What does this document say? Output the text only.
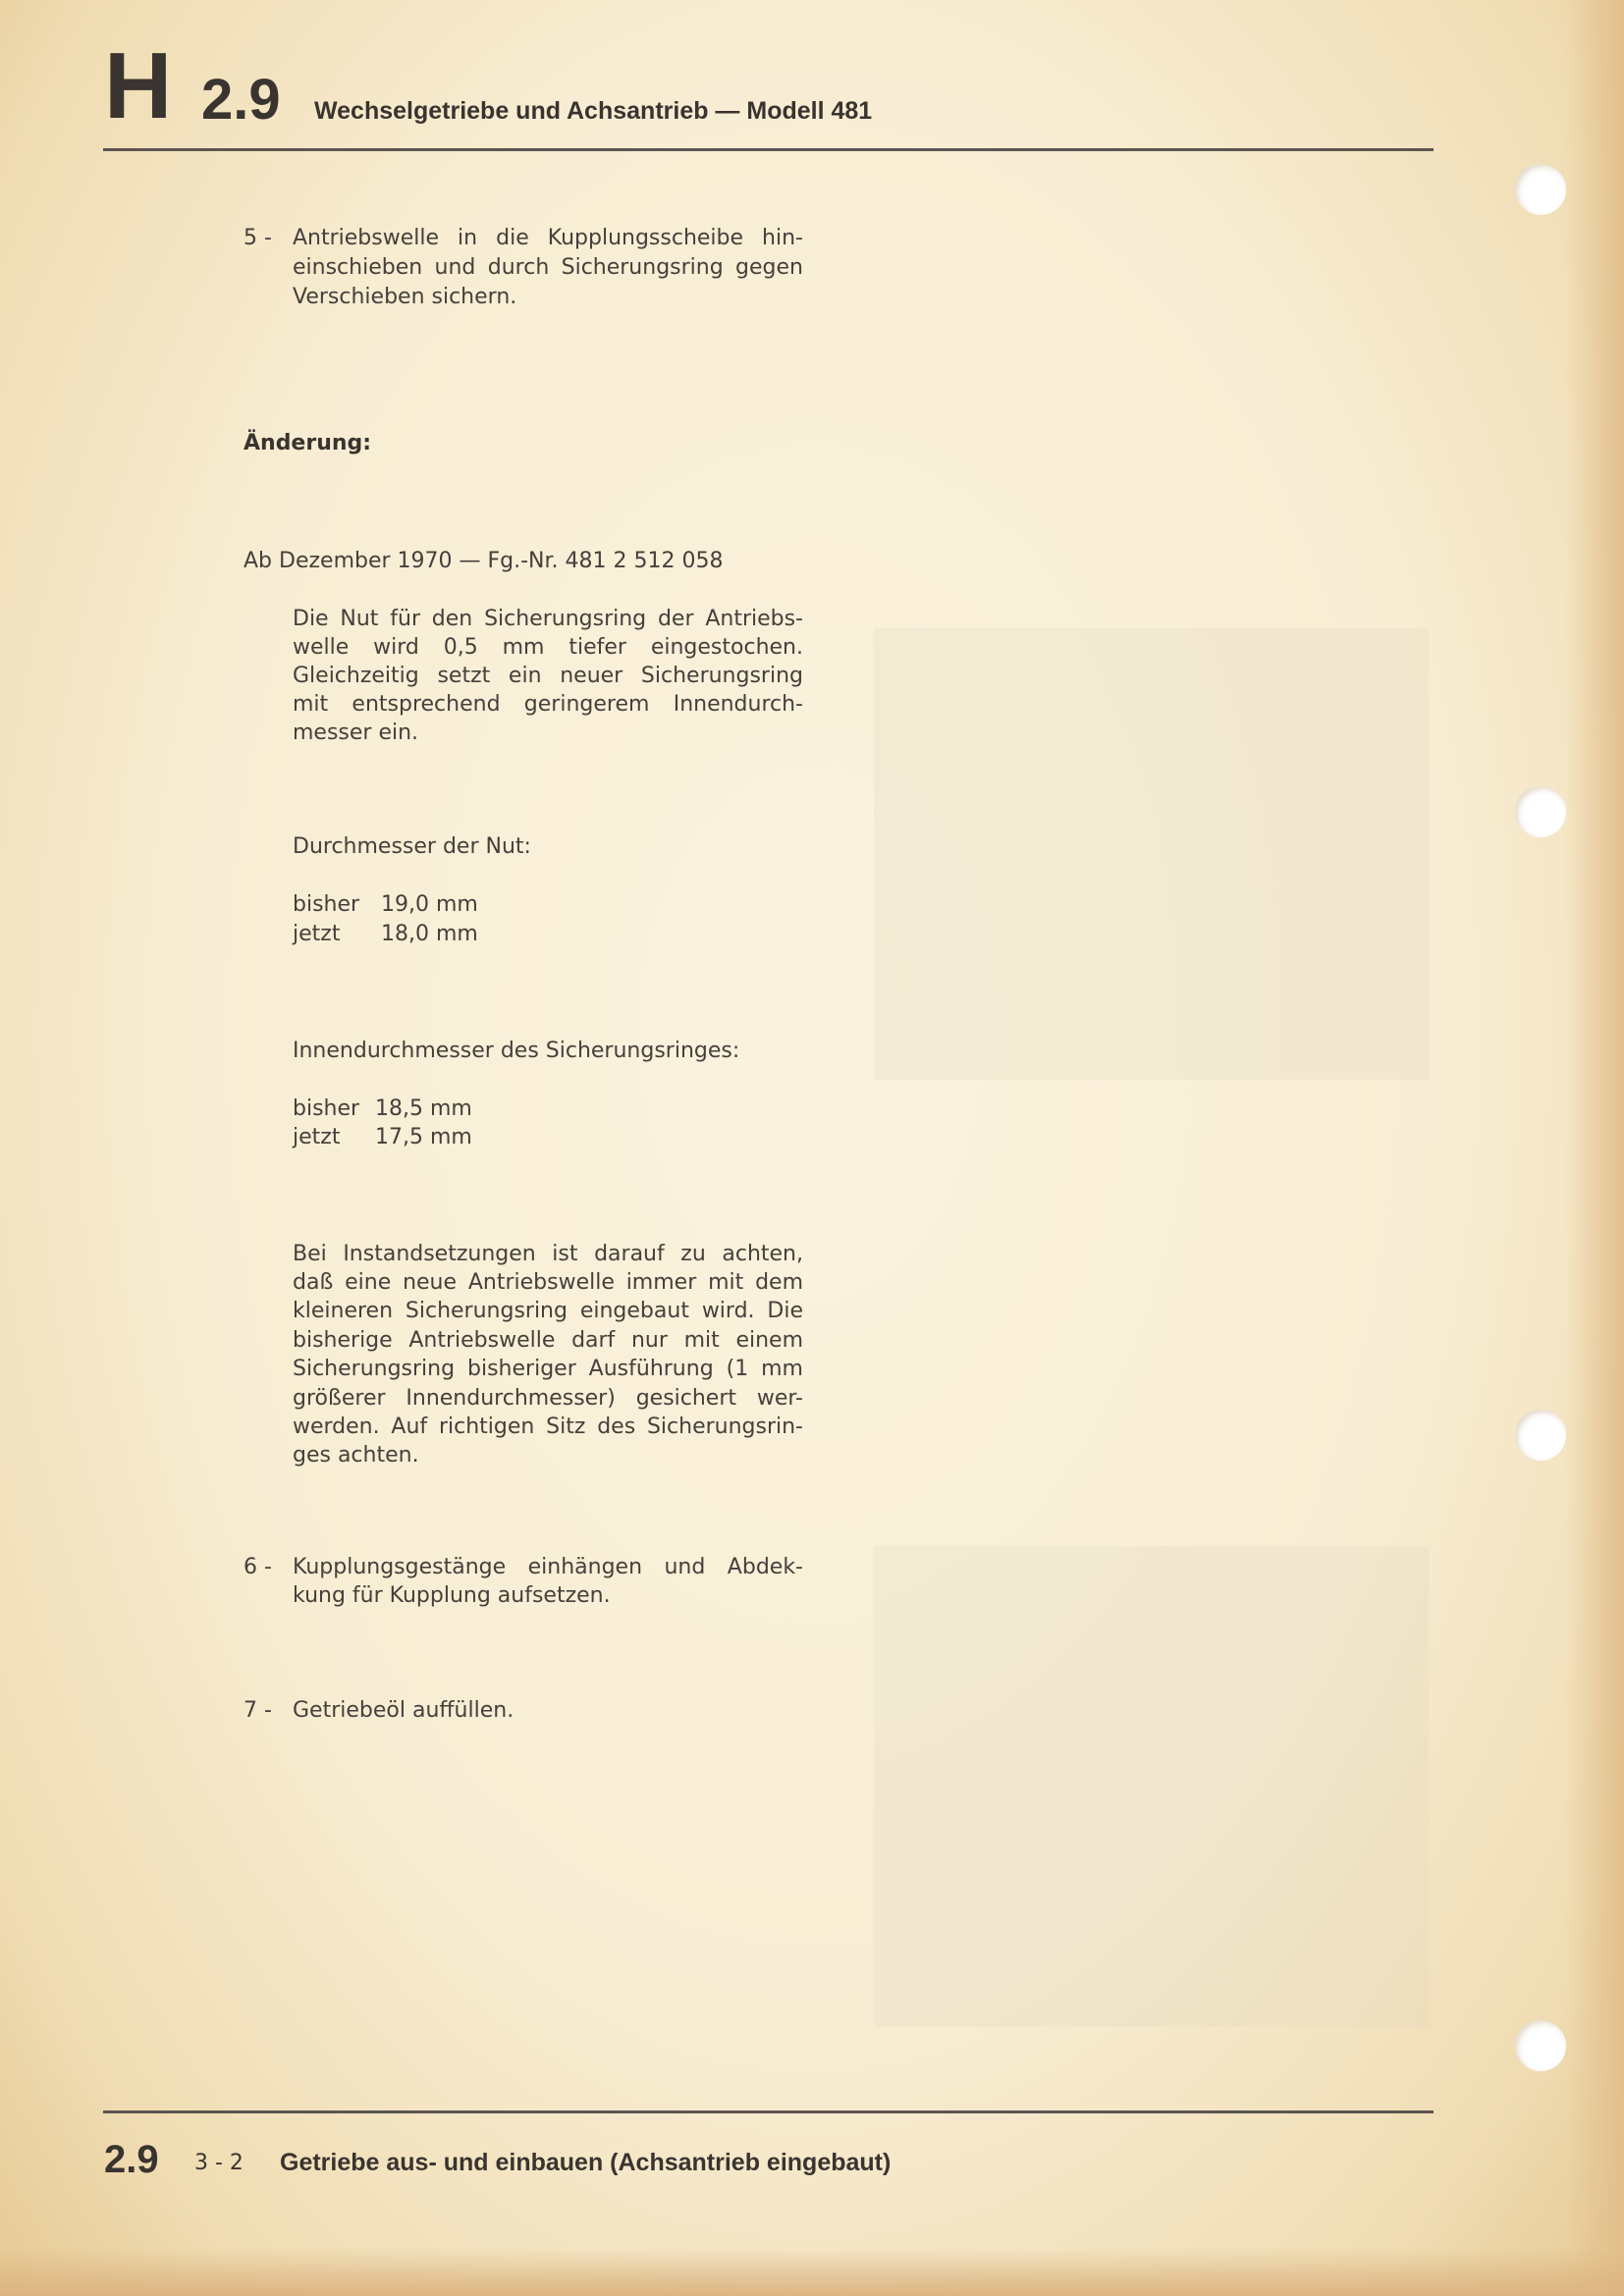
H 2.9 Wechselgetriebe und Achsantrieb — Modell 481
5 - Antriebswelle in die Kupplungsscheibe hin-
einschieben und durch Sicherungsring gegen
Verschieben sichern.
Änderung:
Ab Dezember 1970 — Fg.-Nr. 481 2 512 058
Die Nut für den Sicherungsring der Antriebs-
welle wird 0,5 mm tiefer eingestochen.
Gleichzeitig setzt ein neuer Sicherungsring
mit entsprechend geringerem Innendurch-
messer ein.
Durchmesser der Nut:
bisher 19,0 mm
jetzt 18,0 mm
Innendurchmesser des Sicherungsringes:
bisher 18,5 mm
jetzt 17,5 mm
Bei Instandsetzungen ist darauf zu achten,
daß eine neue Antriebswelle immer mit dem
kleineren Sicherungsring eingebaut wird. Die
bisherige Antriebswelle darf nur mit einem
Sicherungsring bisheriger Ausführung (1 mm
größerer Innendurchmesser) gesichert wer-
werden. Auf richtigen Sitz des Sicherungsrin-
ges achten.
6 - Kupplungsgestänge einhängen und Abdek-
kung für Kupplung aufsetzen.
7 - Getriebeöl auffüllen.
2.9 3 - 2 Getriebe aus- und einbauen (Achsantrieb eingebaut)
